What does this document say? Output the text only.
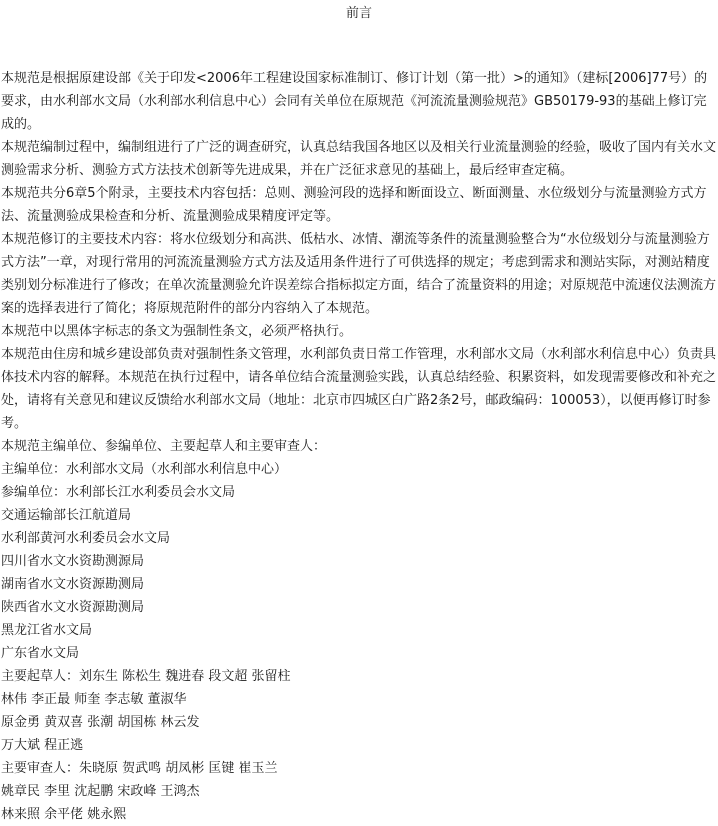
前言

本规范是根据原建设部《关于印发<2006年工程建设国家标准制订、修订计划（第一批）>的通知》（建标[2006]77号）的要求，由水利部水文局（水利部水利信息中心）会同有关单位在原规范《河流流量测验规范》GB50179-93的基础上修订完成的。

本规范编制过程中，编制组进行了广泛的调查研究，认真总结我国各地区以及相关行业流量测验的经验，吸收了国内有关水文测验需求分析、测验方式方法技术创新等先进成果，并在广泛征求意见的基础上，最后经审查定稿。

本规范共分6章5个附录，主要技术内容包括：总则、测验河段的选择和断面设立、断面测量、水位级划分与流量测验方式方法、流量测验成果检查和分析、流量测验成果精度评定等。

本规范修订的主要技术内容：将水位级划分和高洪、低枯水、冰情、潮流等条件的流量测验整合为“水位级划分与流量测验方式方法”一章，对现行常用的河流流量测验方式方法及适用条件进行了可供选择的规定；考虑到需求和测站实际，对测站精度类别划分标准进行了修改；在单次流量测验允许误差综合指标拟定方面，结合了流量资料的用途；对原规范中流速仪法测流方案的选择表进行了简化；将原规范附件的部分内容纳入了本规范。

本规范中以黑体字标志的条文为强制性条文，必须严格执行。

本规范由住房和城乡建设部负责对强制性条文管理，水利部负责日常工作管理，水利部水文局（水利部水利信息中心）负责具体技术内容的解释。本规范在执行过程中，请各单位结合流量测验实践，认真总结经验、积累资料，如发现需要修改和补充之处，请将有关意见和建议反馈给水利部水文局（地址：北京市四城区白广路2条2号，邮政编码：100053），以便再修订时参考。

本规范主编单位、参编单位、主要起草人和主要审查人：

主编单位：水利部水文局（水利部水利信息中心）

参编单位：水利部长江水利委员会水文局

交通运输部长江航道局

水利部黄河水利委员会水文局

四川省水文水资勘测源局

湖南省水文水资源勘测局

陕西省水文水资源勘测局

黑龙江省水文局

广东省水文局

主要起草人：刘东生 陈松生 魏进春 段文超 张留柱

林伟 李正最 师奎 李志敏 董淑华

原金勇 黄双喜 张潮 胡国栋 林云发

万大斌 程正逃

主要审查人：朱晓原 贺武鸣 胡凤彬 匡键 崔玉兰

姚章民 李里 沈起鹏 宋政峰 王鸿杰

林来照 余平佬 姚永熙
